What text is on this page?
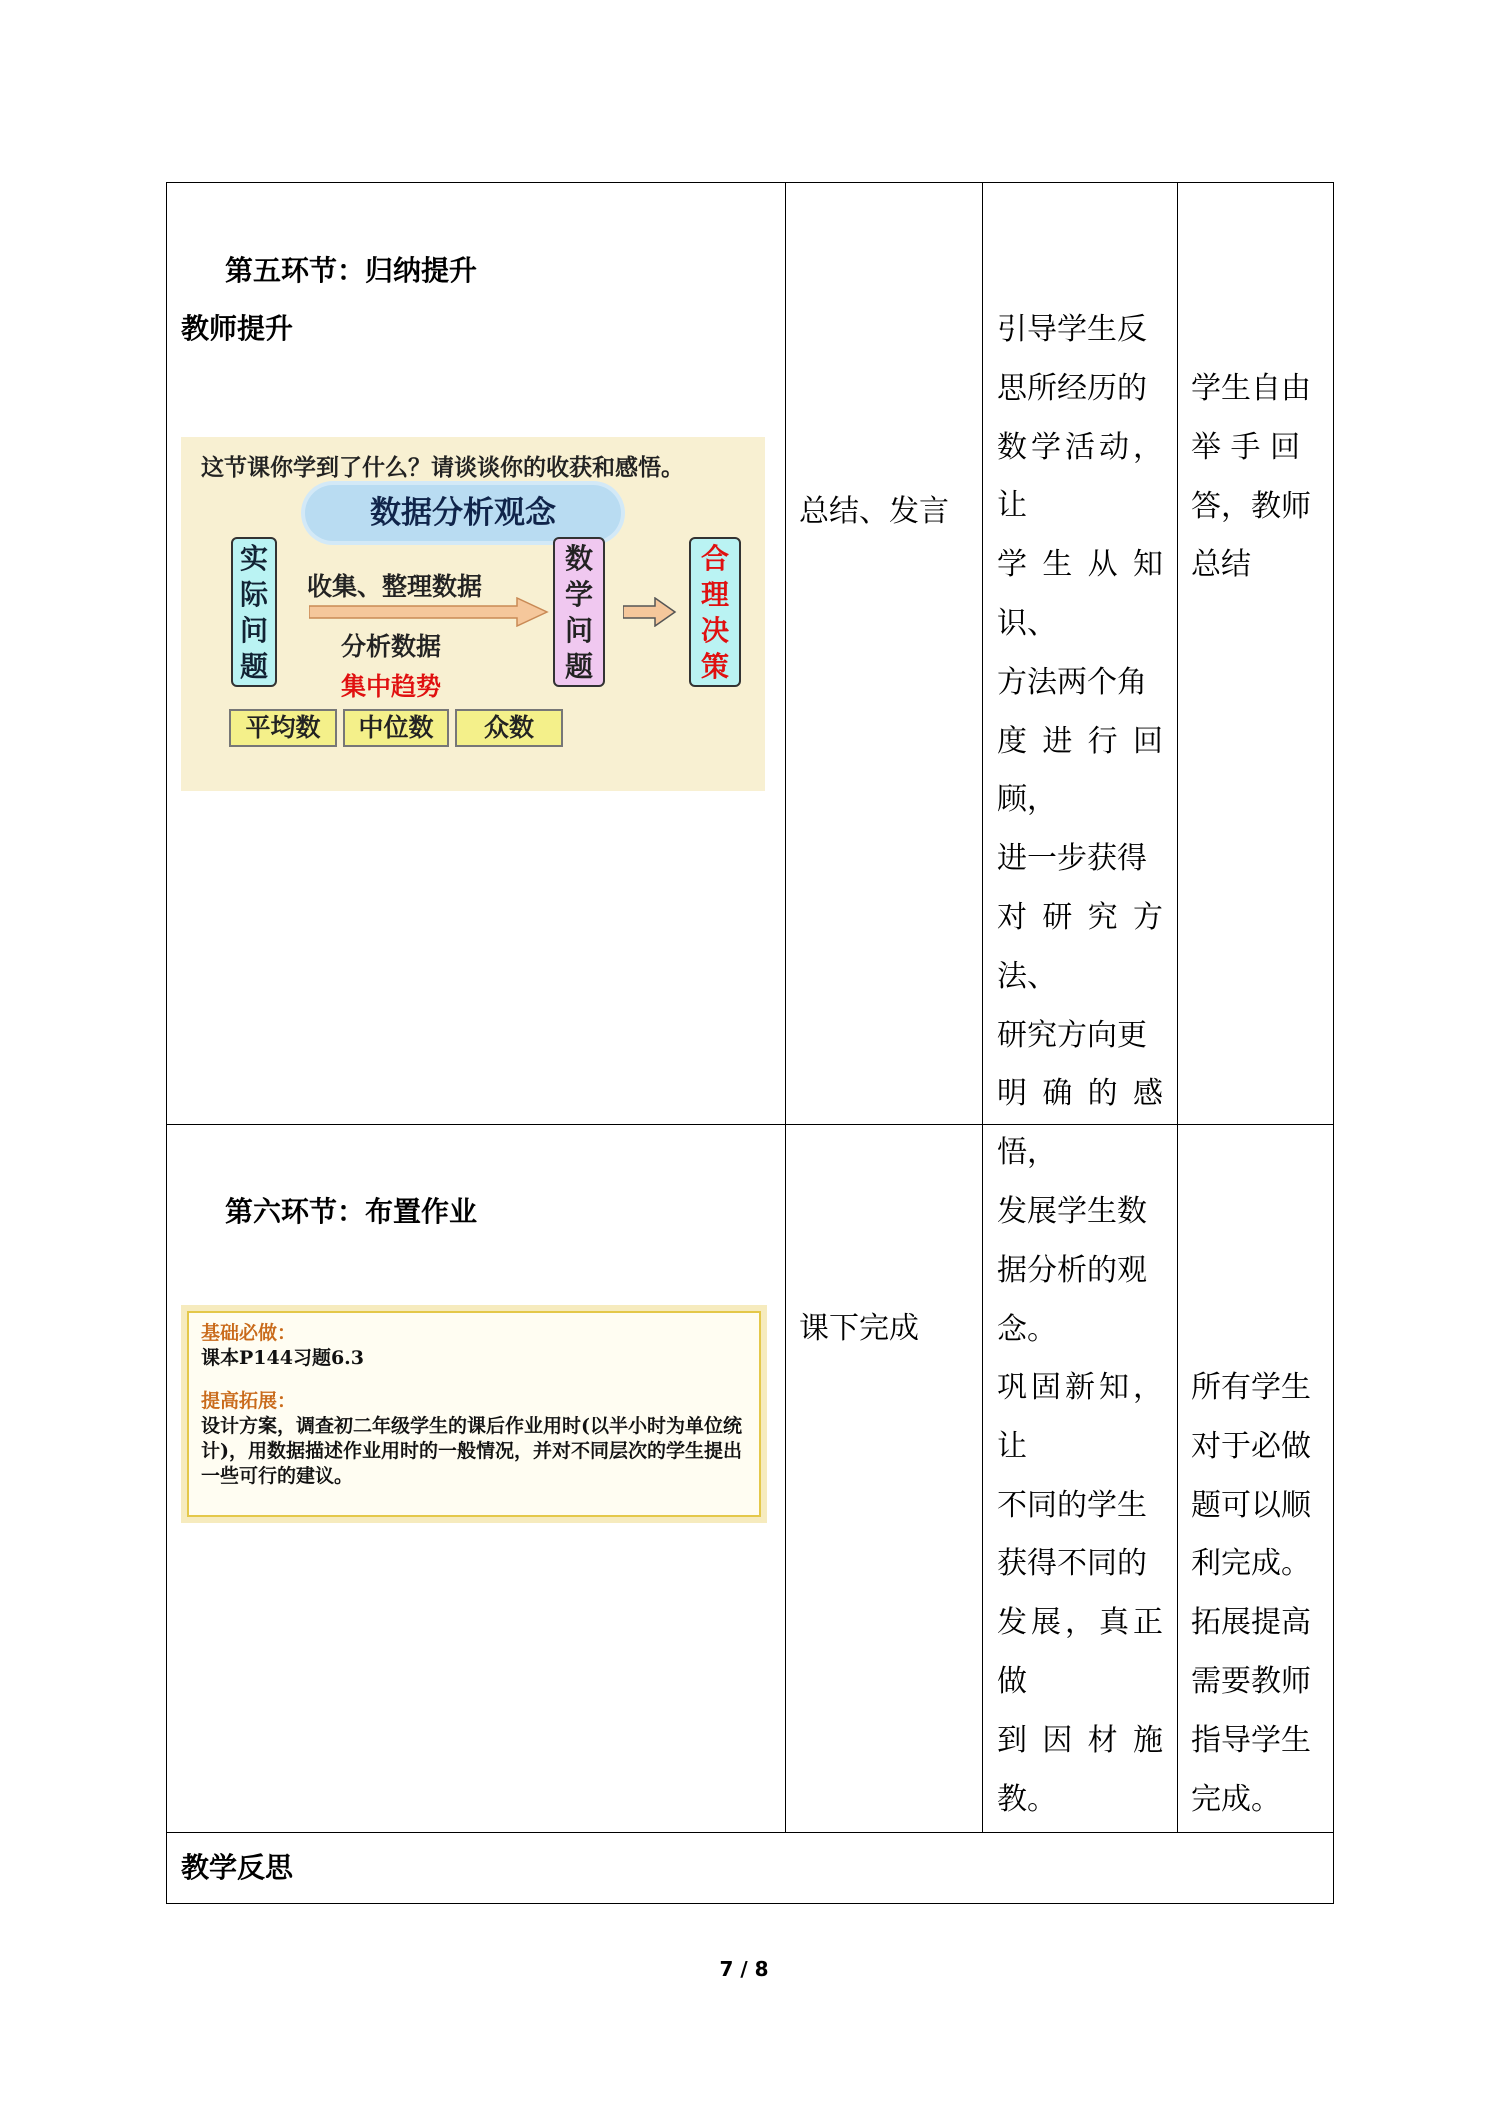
第五环节：归纳提升
教师提升
这节课你学到了什么？请谈谈你的收获和感悟。
数据分析观念
实
际
问
题
收集、整理数据
分析数据
集中趋势
数
学
问
题
合
理
决
策
平均数	中位数	众数
总结、发言
引导学生反
思所经历的
数学活动，让
学生从知识、
方法两个角
度进行回顾，
进一步获得
对研究方法、
研究方向更
明确的感悟，
发展学生数
据分析的观
念。
学生自由
举 手 回
答，教师
总结
第六环节：布置作业
基础必做：
课本P144习题6.3
提高拓展：
设计方案，调查初二年级学生的课后作业用时(以半小时为单位统计)，用数据描述作业用时的一般情况，并对不同层次的学生提出一些可行的建议。
课下完成
巩固新知，让
不同的学生
获得不同的
发展，真正做
到因材施教。
所有学生
对于必做
题可以顺
利完成。
拓展提高
需要教师
指导学生
完成。
教学反思
7 / 8
